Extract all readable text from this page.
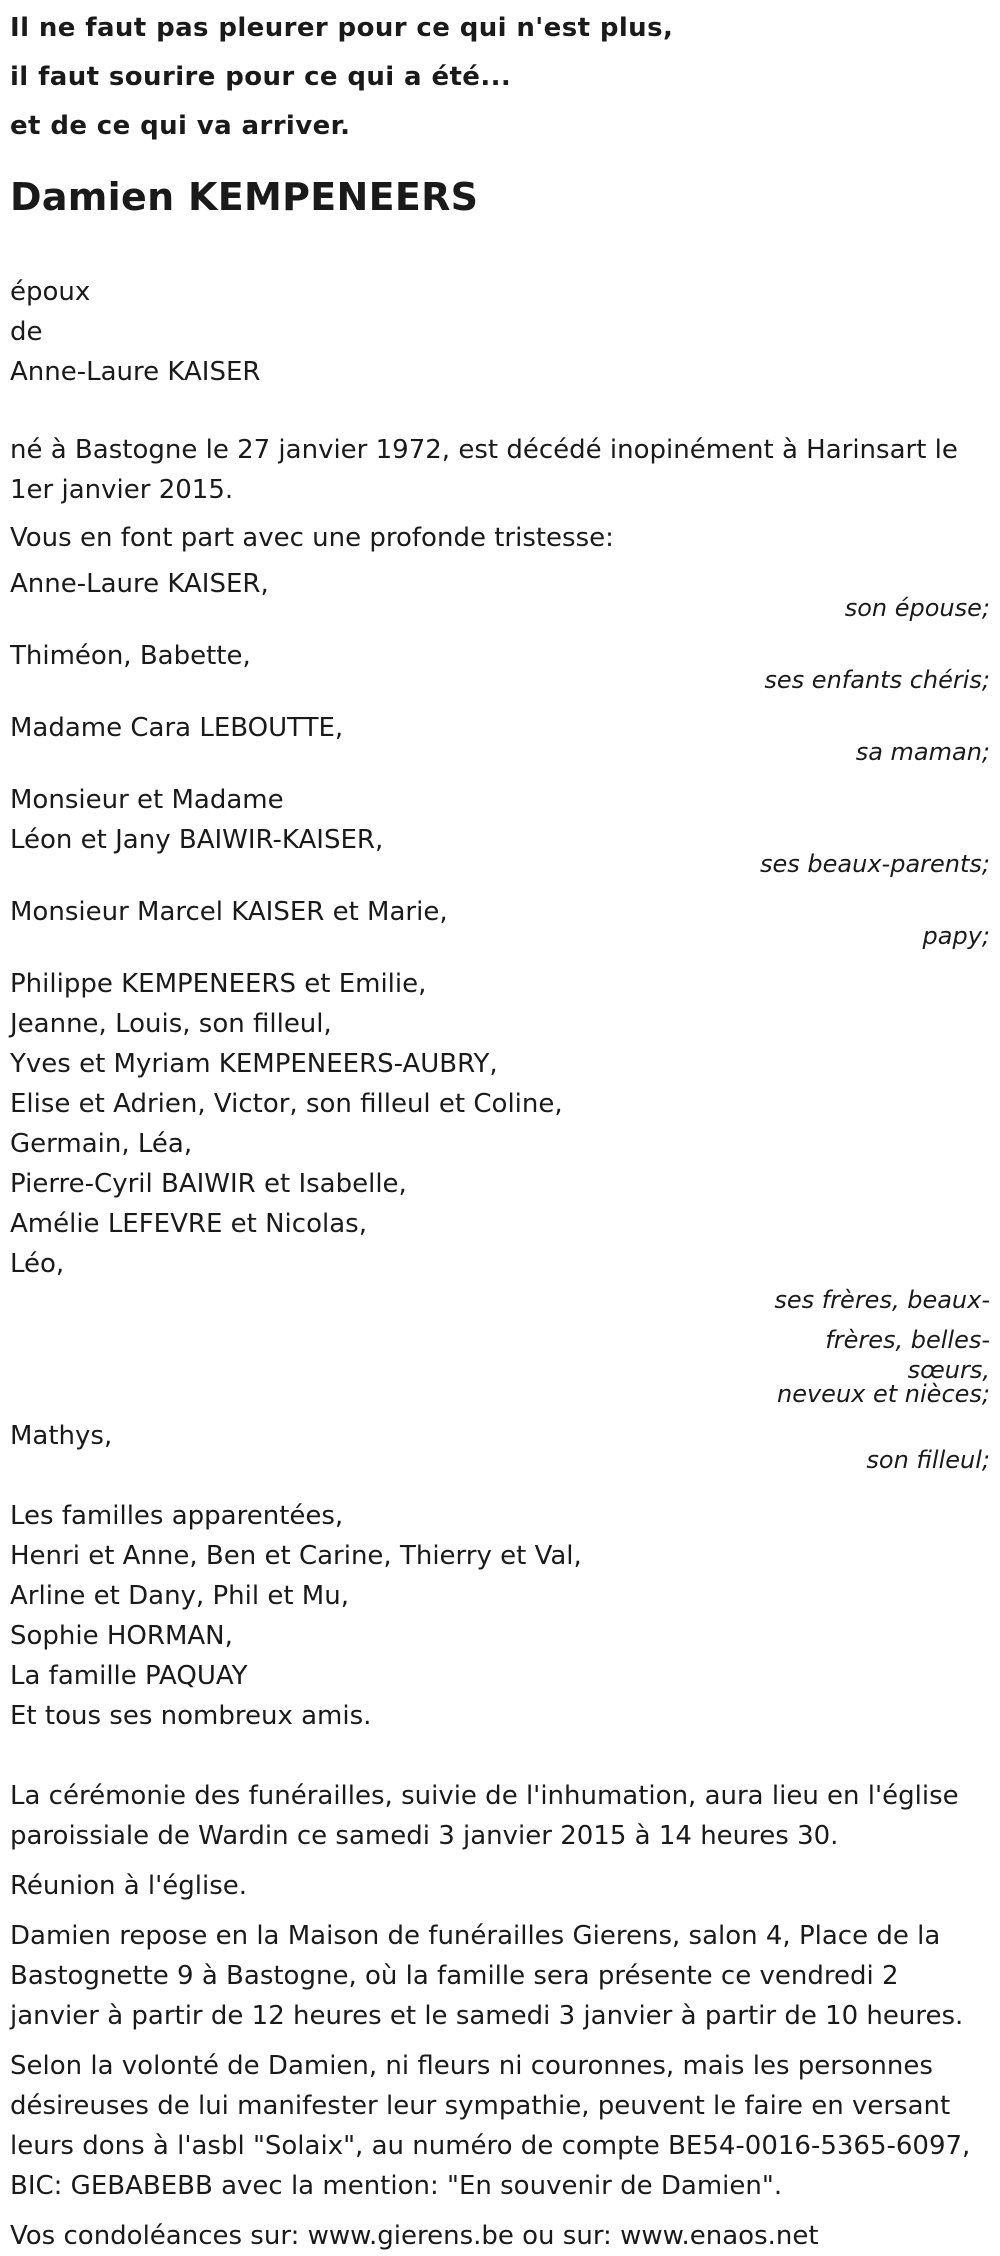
Il ne faut pas pleurer pour ce qui n'est plus,
il faut sourire pour ce qui a été...
et de ce qui va arriver.
Damien KEMPENEERS
époux
de
Anne-Laure KAISER
né à Bastogne le 27 janvier 1972, est décédé inopinément à Harinsart le 1er janvier 2015.
Vous en font part avec une profonde tristesse:
Anne-Laure KAISER,
son épouse;
Thiméon, Babette,
ses enfants chéris;
Madame Cara LEBOUTTE,
sa maman;
Monsieur et Madame
Léon et Jany BAIWIR-KAISER,
ses beaux-parents;
Monsieur Marcel KAISER et Marie,
papy;
Philippe KEMPENEERS et Emilie,
Jeanne, Louis, son filleul,
Yves et Myriam KEMPENEERS-AUBRY,
Elise et Adrien, Victor, son filleul et Coline,
Germain, Léa,
Pierre-Cyril BAIWIR et Isabelle,
Amélie LEFEVRE et Nicolas,
Léo,
ses frères, beaux-
frères, belles-
sœurs,
neveux et nièces;
Mathys,
son filleul;
Les familles apparentées,
Henri et Anne, Ben et Carine, Thierry et Val,
Arline et Dany, Phil et Mu,
Sophie HORMAN,
La famille PAQUAY
Et tous ses nombreux amis.
La cérémonie des funérailles, suivie de l'inhumation, aura lieu en l'église paroissiale de Wardin ce samedi 3 janvier 2015 à 14 heures 30.
Réunion à l'église.
Damien repose en la Maison de funérailles Gierens, salon 4, Place de la Bastognette 9 à Bastogne, où la famille sera présente ce vendredi 2 janvier à partir de 12 heures et le samedi 3 janvier à partir de 10 heures.
Selon la volonté de Damien, ni fleurs ni couronnes, mais les personnes désireuses de lui manifester leur sympathie, peuvent le faire en versant leurs dons à l'asbl "Solaix", au numéro de compte BE54-0016-5365-6097, BIC: GEBABEBB avec la mention: "En souvenir de Damien".
Vos condoléances sur: www.gierens.be ou sur: www.enaos.net
